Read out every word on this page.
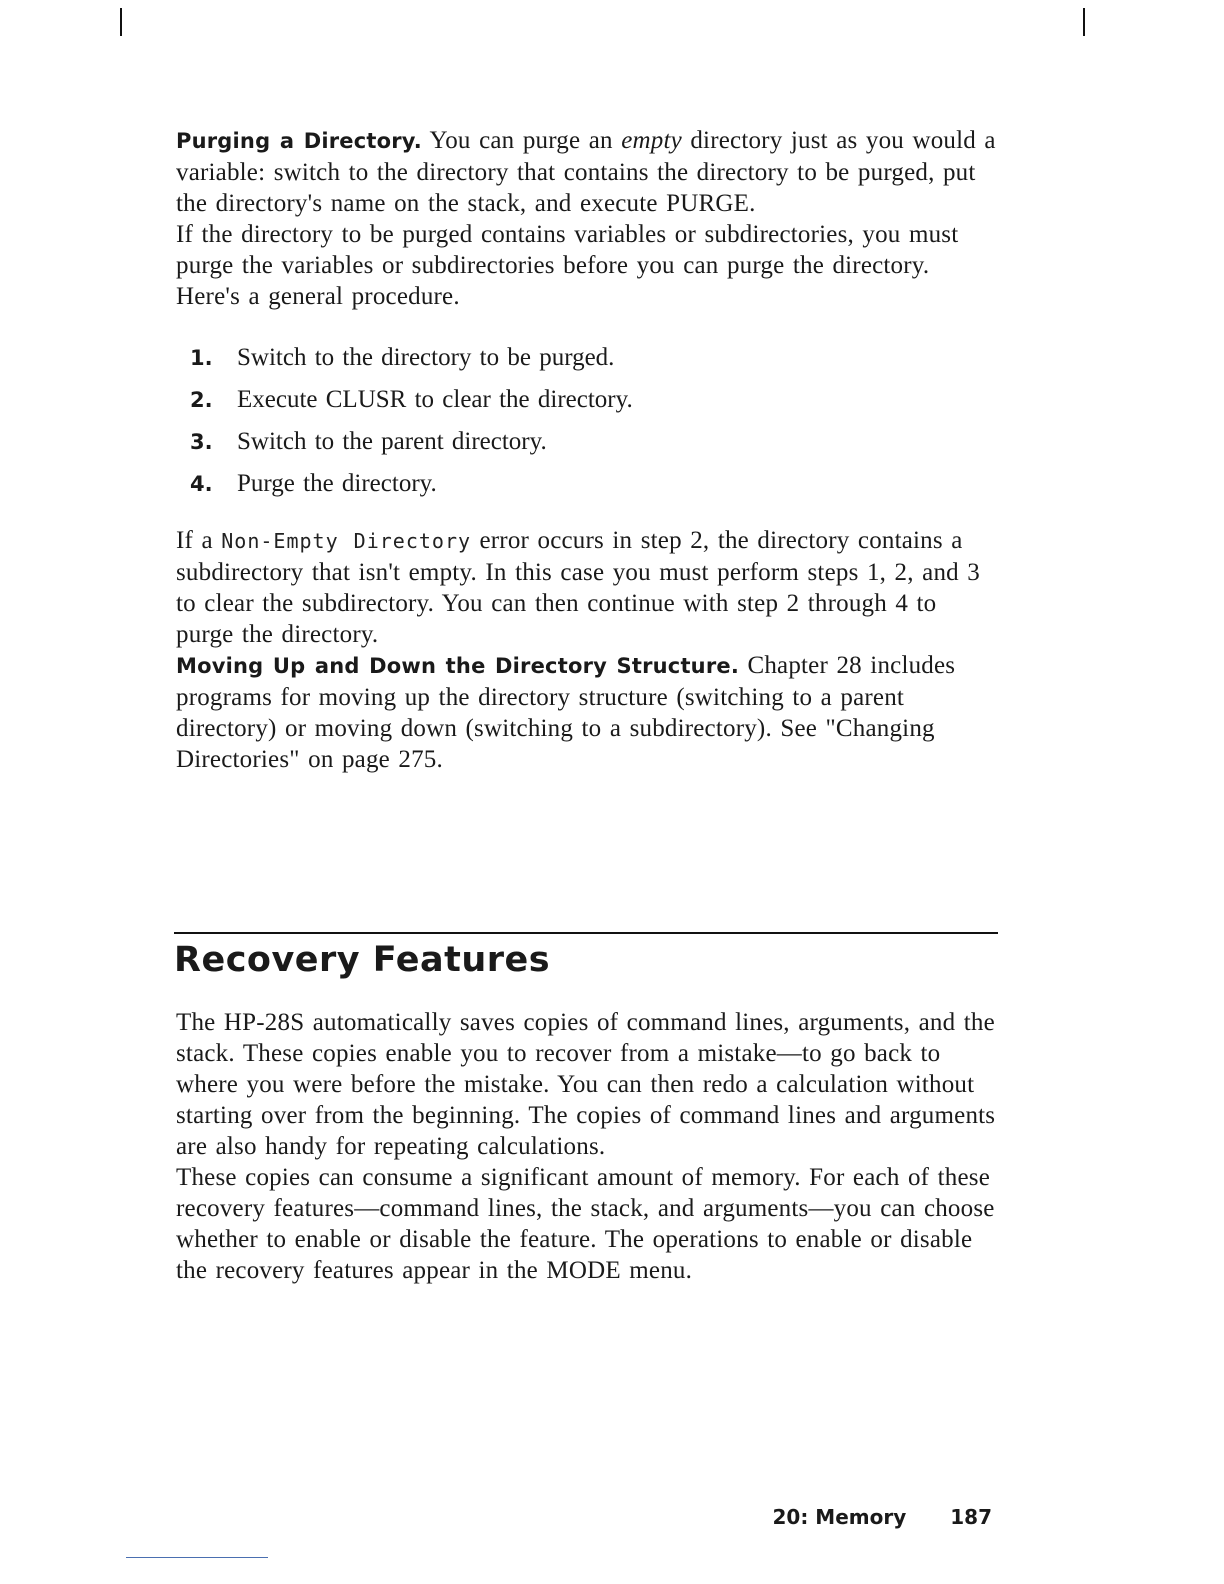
Purging a Directory. You can purge an empty directory just as you would a variable: switch to the directory that contains the directory to be purged, put the directory's name on the stack, and execute PURGE.

If the directory to be purged contains variables or subdirectories, you must purge the variables or subdirectories before you can purge the directory. Here's a general procedure.

1. Switch to the directory to be purged.
2. Execute CLUSR to clear the directory.
3. Switch to the parent directory.
4. Purge the directory.

If a Non-Empty Directory error occurs in step 2, the directory contains a subdirectory that isn't empty. In this case you must perform steps 1, 2, and 3 to clear the subdirectory. You can then continue with step 2 through 4 to purge the directory.

Moving Up and Down the Directory Structure. Chapter 28 includes programs for moving up the directory structure (switching to a parent directory) or moving down (switching to a subdirectory). See "Changing Directories" on page 275.

Recovery Features

The HP-28S automatically saves copies of command lines, arguments, and the stack. These copies enable you to recover from a mistake—to go back to where you were before the mistake. You can then redo a calculation without starting over from the beginning. The copies of command lines and arguments are also handy for repeating calculations.

These copies can consume a significant amount of memory. For each of these recovery features—command lines, the stack, and arguments—you can choose whether to enable or disable the feature. The operations to enable or disable the recovery features appear in the MODE menu.

20: Memory 187
